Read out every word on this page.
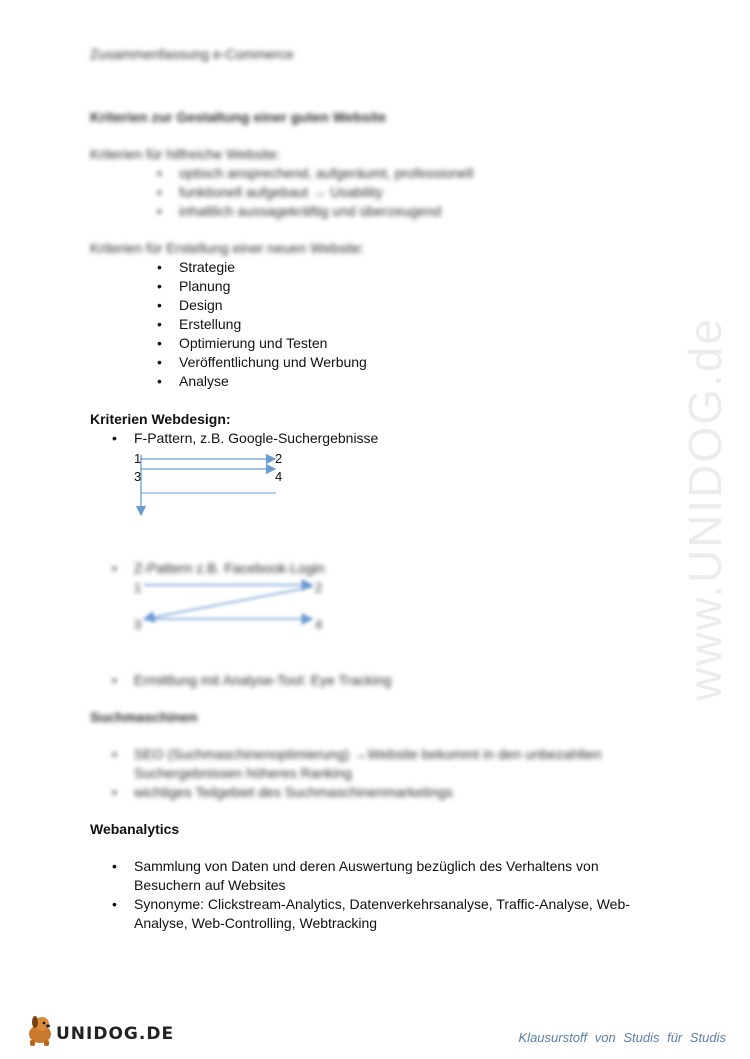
www.UNIDOG.de
Zusammenfassung e-Commerce
Kriterien zur Gestaltung einer guten Website
Kriterien für hilfreiche Website:
• optisch ansprechend, aufgeräumt, professionell
• funktionell aufgebaut → Usability
• inhaltlich aussagekräftig und überzeugend
Kriterien für Erstellung einer neuen Website:
• Strategie
• Planung
• Design
• Erstellung
• Optimierung und Testen
• Veröffentlichung und Werbung
• Analyse
Kriterien Webdesign:
• F-Pattern, z.B. Google-Suchergebnisse
1	2
3	4
• Z-Pattern z.B. Facebook-Login
1	2
3	4
• Ermittlung mit Analyse-Tool: Eye Tracking
Suchmaschinen
• SEO (Suchmaschinenoptimierung) →Website bekommt in den unbezahlten
Suchergebnissen höheres Ranking
• wichtiges Teilgebiet des Suchmaschinenmarketings
Webanalytics
• Sammlung von Daten und deren Auswertung bezüglich des Verhaltens von
Besuchern auf Websites
• Synonyme: Clickstream-Analytics, Datenverkehrsanalyse, Traffic-Analyse, Web-
Analyse, Web-Controlling, Webtracking
UNIDOG.DE	Klausurstoff von Studis für Studis
